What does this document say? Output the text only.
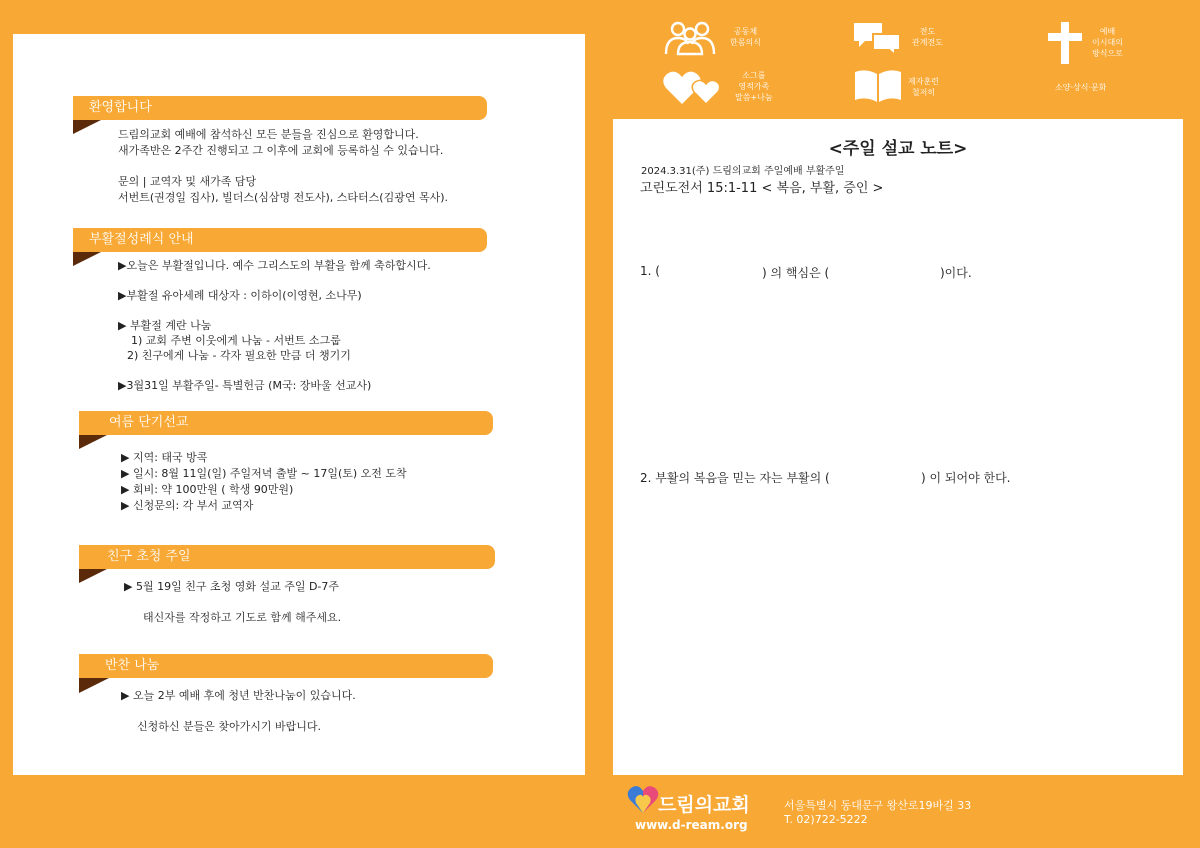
환영합니다
드림의교회 예배에 참석하신 모든 분들을 진심으로 환영합니다.
새가족반은 2주간 진행되고 그 이후에 교회에 등록하실 수 있습니다.
문의 | 교역자 및 새가족 담당
서번트(권경일 집사), 빌더스(심삼명 전도사), 스타터스(김광연 목사).
부활절성례식 안내
▶오늘은 부활절입니다. 예수 그리스도의 부활을 함께 축하합시다.
▶부활절 유아세례 대상자 : 이하이(이영현, 소나무)
▶ 부활절 계란 나눔
1) 교회 주변 이웃에게 나눔 - 서번트 소그룹
2) 친구에게 나눔 - 각자 필요한 만큼 더 챙기기
▶3월31일 부활주일- 특별헌금 (M국: 장바울 선교사)
여름 단기선교
▶ 지역: 태국 방콕
▶ 일시: 8월 11일(일) 주일저녁 출발 ~ 17일(토) 오전 도착
▶ 회비: 약 100만원 ( 학생 90만원)
▶ 신청문의: 각 부서 교역자
친구 초청 주일
▶ 5월 19일 친구 초청 영화 설교 주일 D-7주
태신자를 작정하고 기도로 함께 해주세요.
반찬 나눔
▶ 오늘 2부 예배 후에 청년 반찬나눔이 있습니다.
신청하신 분들은 찾아가시기 바랍니다.
공동체
한몸의식
전도
관계전도
예배
이시대의
방식으로
소그룹
영적가족
말씀+나눔
제자훈련
철저히
소양·상식·문화
<주일 설교 노트>
2024.3.31(주) 드림의교회 주일예배 부활주일
고린도전서 15:1-11 < 복음, 부활, 증인 >
1. (	) 의 핵심은 (	)이다.
2. 부활의 복음을 믿는 자는 부활의 (	) 이 되어야 한다.
드림의교회
www.d-ream.org
서울특별시 동대문구 왕산로19바길 33
T. 02)722-5222
